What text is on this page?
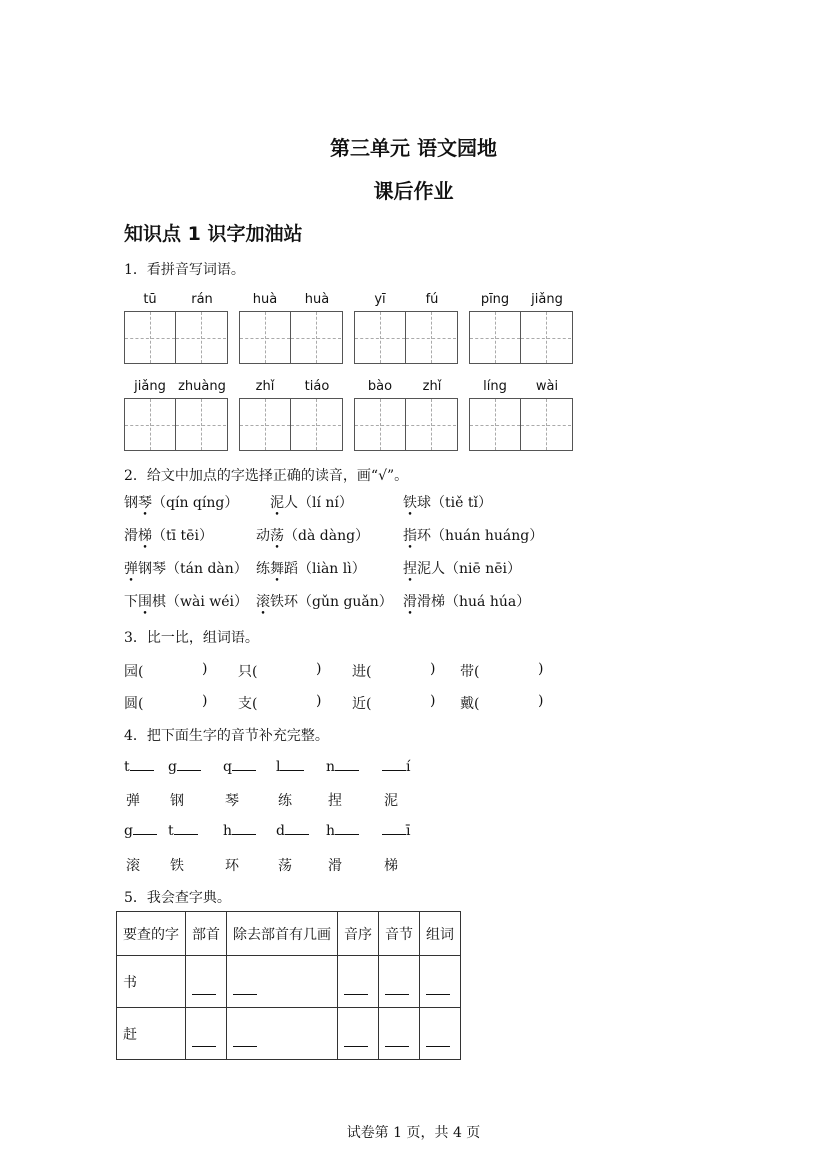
第三单元 语文园地
课后作业
知识点 1 识字加油站
1．看拼音写词语。
tū	rán	huà	huà	yī	fú	pīng	jiǎng
jiǎng zhuàng	zhǐ	tiáo	bào	zhǐ	líng	wài
2．给文中加点的字选择正确的读音，画“√”。
钢琴（qín qíng） 泥人（lí ní）	铁球（tiě tǐ）
滑梯（tī tēi）	动荡（dà dàng） 指环（huán huáng）
弹钢琴（tán dàn） 练舞蹈（liàn lì）	捏泥人（niē nēi）
下围棋（wài wéi） 滚铁环（gǔn guǎn） 滑滑梯（huá húa）
3．比一比，组词语。
园(	) 只(	) 进(	) 带(	)
圆(	) 支(	) 近(	) 戴(	)
4．把下面生字的音节补充完整。
t	g	q	l	n	í
弹 钢	琴	练	捏	泥
g	t	h	d	h	ī
滚 铁	环	荡	滑	梯
5．我会查字典。
要查的字	部首	除去部首有几画	音序	音节	组词
书					
赶					
试卷第 1 页，共 4 页
